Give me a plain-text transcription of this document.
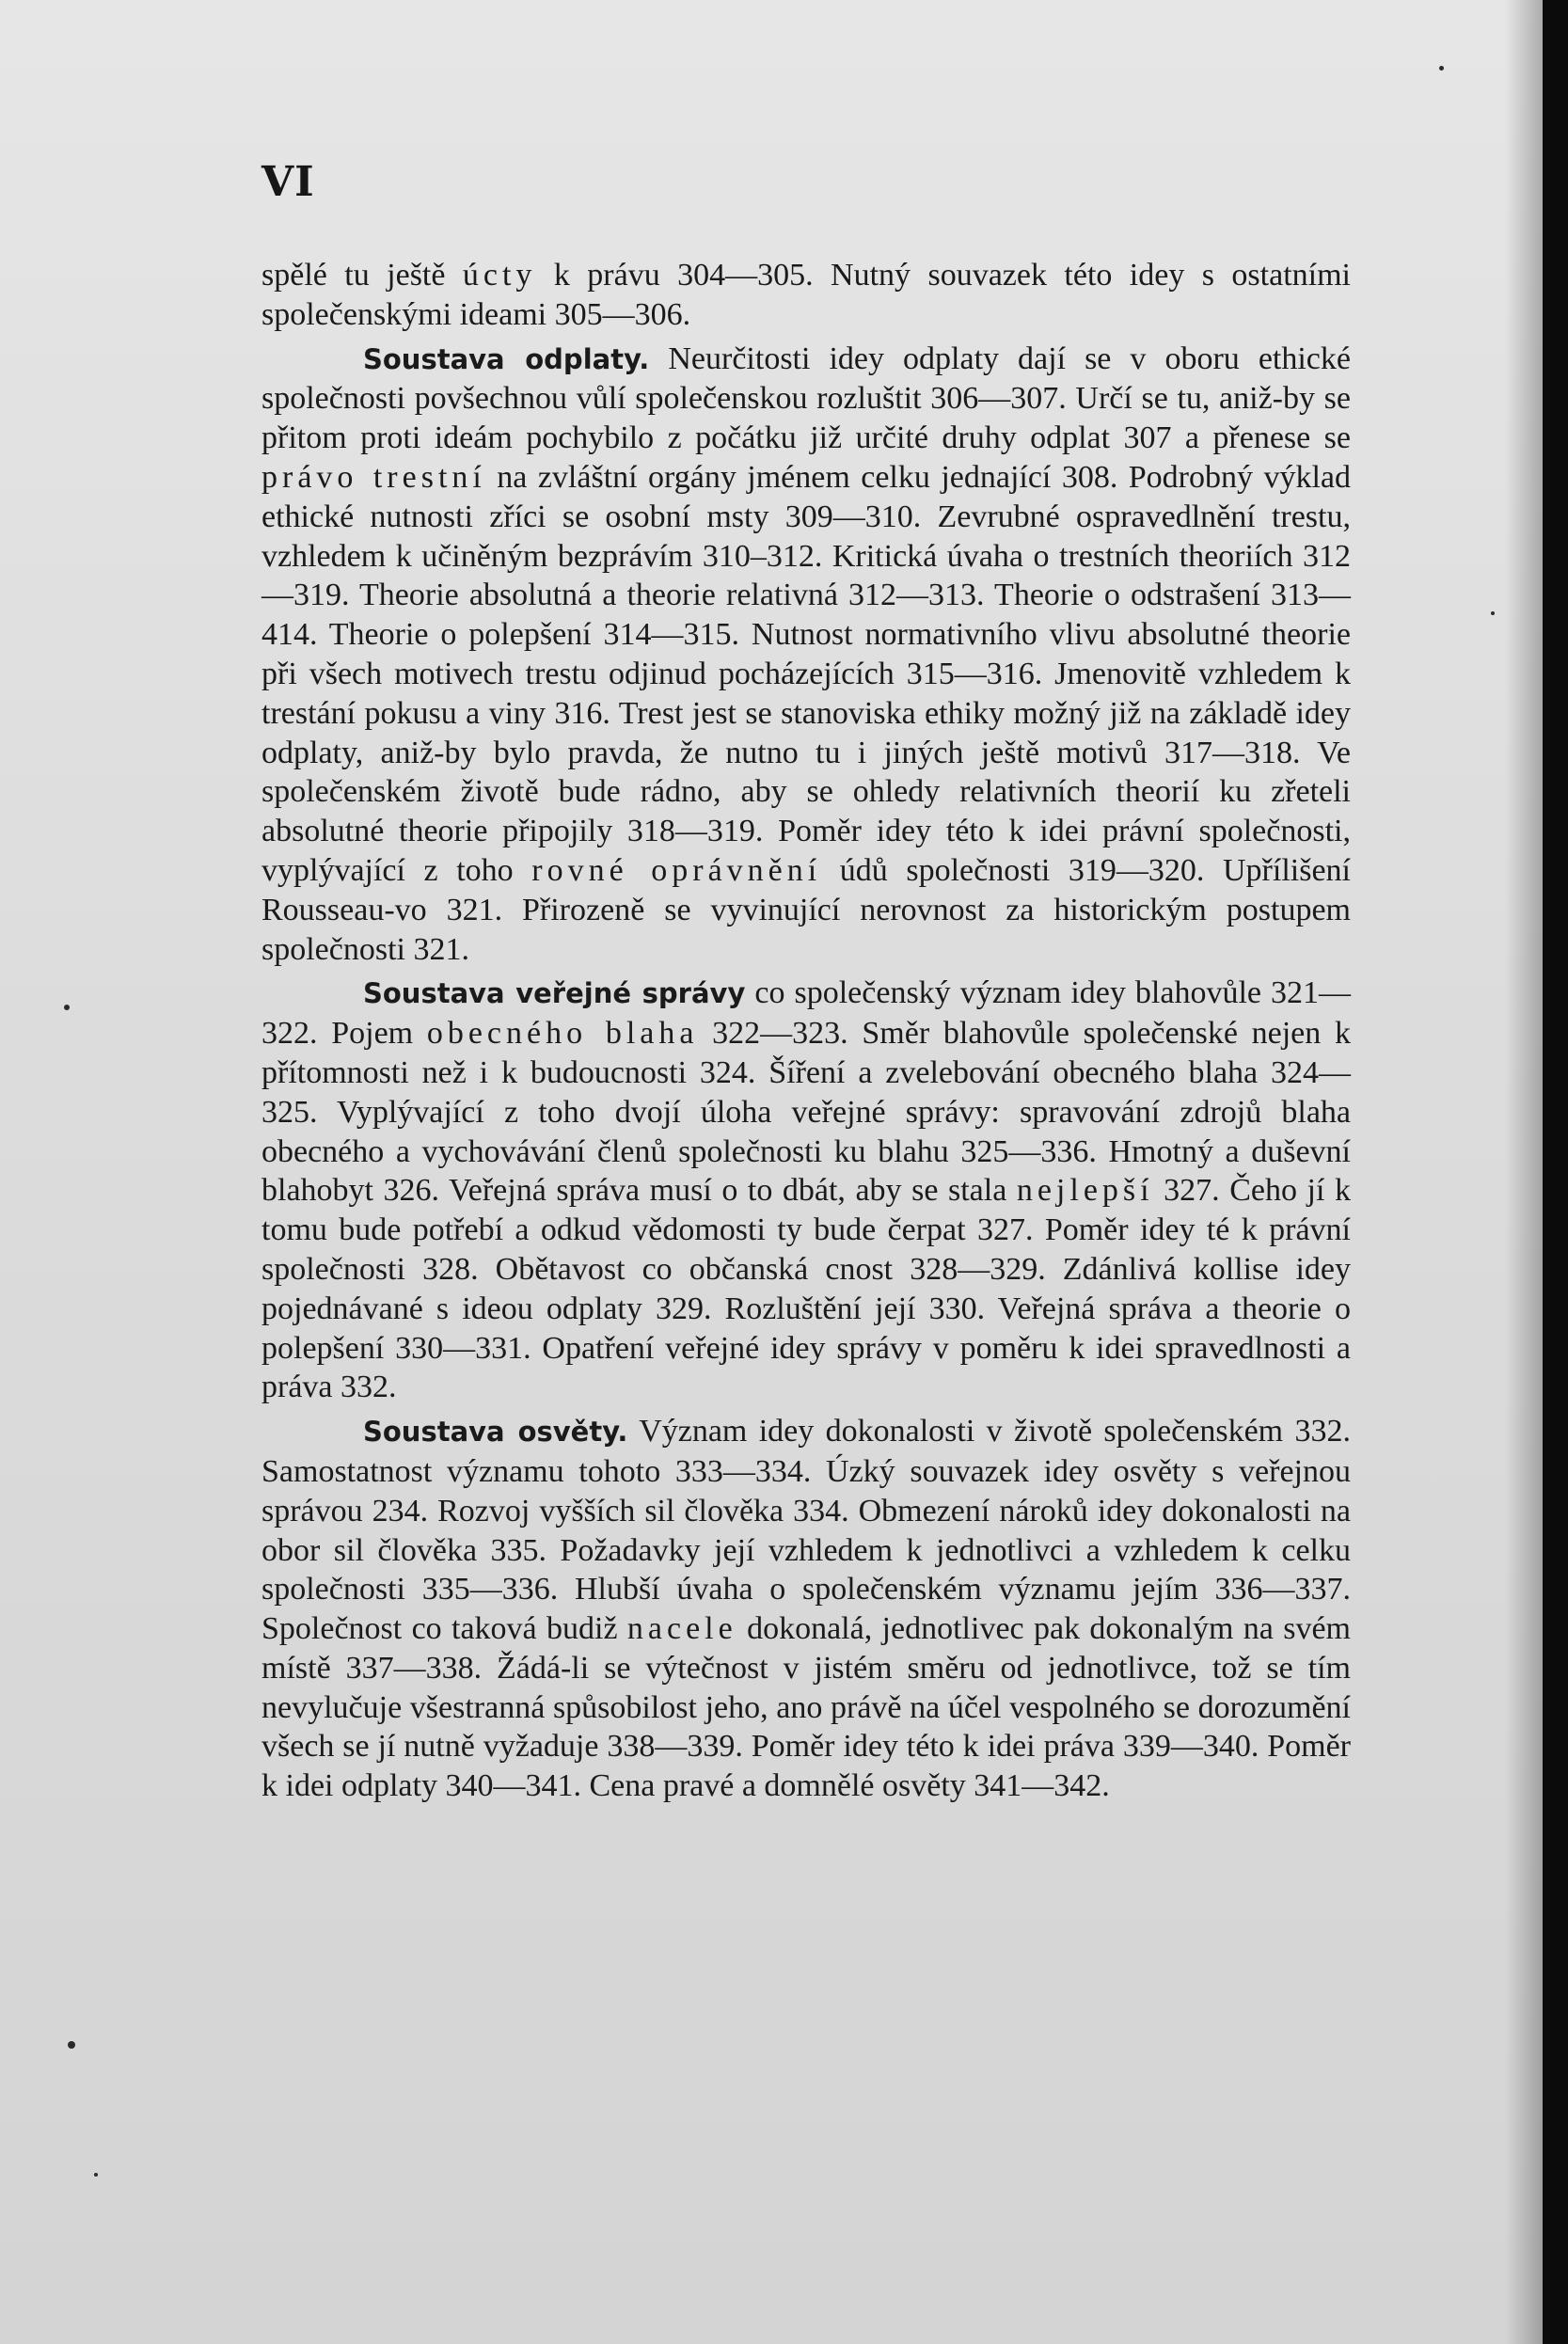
VI

spělé tu ještě úcty k právu 304—305. Nutný souvazek této idey s ostatními společenskými ideami 305—306.

Soustava odplaty. Neurčitosti idey odplaty dají se v oboru ethické společnosti povšechnou vůlí společenskou rozluštit 306—307. Určí se tu, aniž-by se přitom proti ideám pochybilo z počátku již určité druhy odplat 307 a přenese se právo trestní na zvláštní orgány jménem celku jednající 308. Podrobný výklad ethické nutnosti zříci se osobní msty 309—310. Zevrubné ospravedlnění trestu, vzhledem k učiněným bezprávím 310–312. Kritická úvaha o trestních theoriích 312—319. Theorie absolutná a theorie relativná 312—313. Theorie o odstrašení 313—414. Theorie o polepšení 314—315. Nutnost normativního vlivu absolutné theorie při všech motivech trestu odjinud pocházejících 315—316. Jmenovitě vzhledem k trestání pokusu a viny 316. Trest jest se stanoviska ethiky možný již na základě idey odplaty, aniž-by bylo pravda, že nutno tu i jiných ještě motivů 317—318. Ve společenském životě bude rádno, aby se ohledy relativních theorií ku zřeteli absolutné theorie připojily 318—319. Poměr idey této k idei právní společnosti, vyplývající z toho rovné oprávnění údů společnosti 319—320. Upřílišení Rousseau-vo 321. Přirozeně se vyvinující nerovnost za historickým postupem společnosti 321.

Soustava veřejné správy co společenský význam idey blahovůle 321—322. Pojem obecného blaha 322—323. Směr blahovůle společenské nejen k přítomnosti než i k budoucnosti 324. Šíření a zvelebování obecného blaha 324—325. Vyplývající z toho dvojí úloha veřejné správy: spravování zdrojů blaha obecného a vychovávání členů společnosti ku blahu 325—336. Hmotný a duševní blahobyt 326. Veřejná správa musí o to dbát, aby se stala nejlepší 327. Čeho jí k tomu bude potřebí a odkud vědomosti ty bude čerpat 327. Poměr idey té k právní společnosti 328. Obětavost co občanská cnost 328—329. Zdánlivá kollise idey pojednávané s ideou odplaty 329. Rozluštění její 330. Veřejná správa a theorie o polepšení 330—331. Opatření veřejné idey správy v poměru k idei spravedlnosti a práva 332.

Soustava osvěty. Význam idey dokonalosti v životě společenském 332. Samostatnost významu tohoto 333—334. Úzký souvazek idey osvěty s veřejnou správou 234. Rozvoj vyšších sil člověka 334. Obmezení nároků idey dokonalosti na obor sil člověka 335. Požadavky její vzhledem k jednotlivci a vzhledem k celku společnosti 335—336. Hlubší úvaha o společenském významu jejím 336—337. Společnost co taková budiž nacele dokonalá, jednotlivec pak dokonalým na svém místě 337—338. Žádá-li se výtečnost v jistém směru od jednotlivce, tož se tím nevylučuje všestranná spůsobilost jeho, ano právě na účel vespolného se dorozumění všech se jí nutně vyžaduje 338—339. Poměr idey této k idei práva 339—340. Poměr k idei odplaty 340—341. Cena pravé a domnělé osvěty 341—342.
